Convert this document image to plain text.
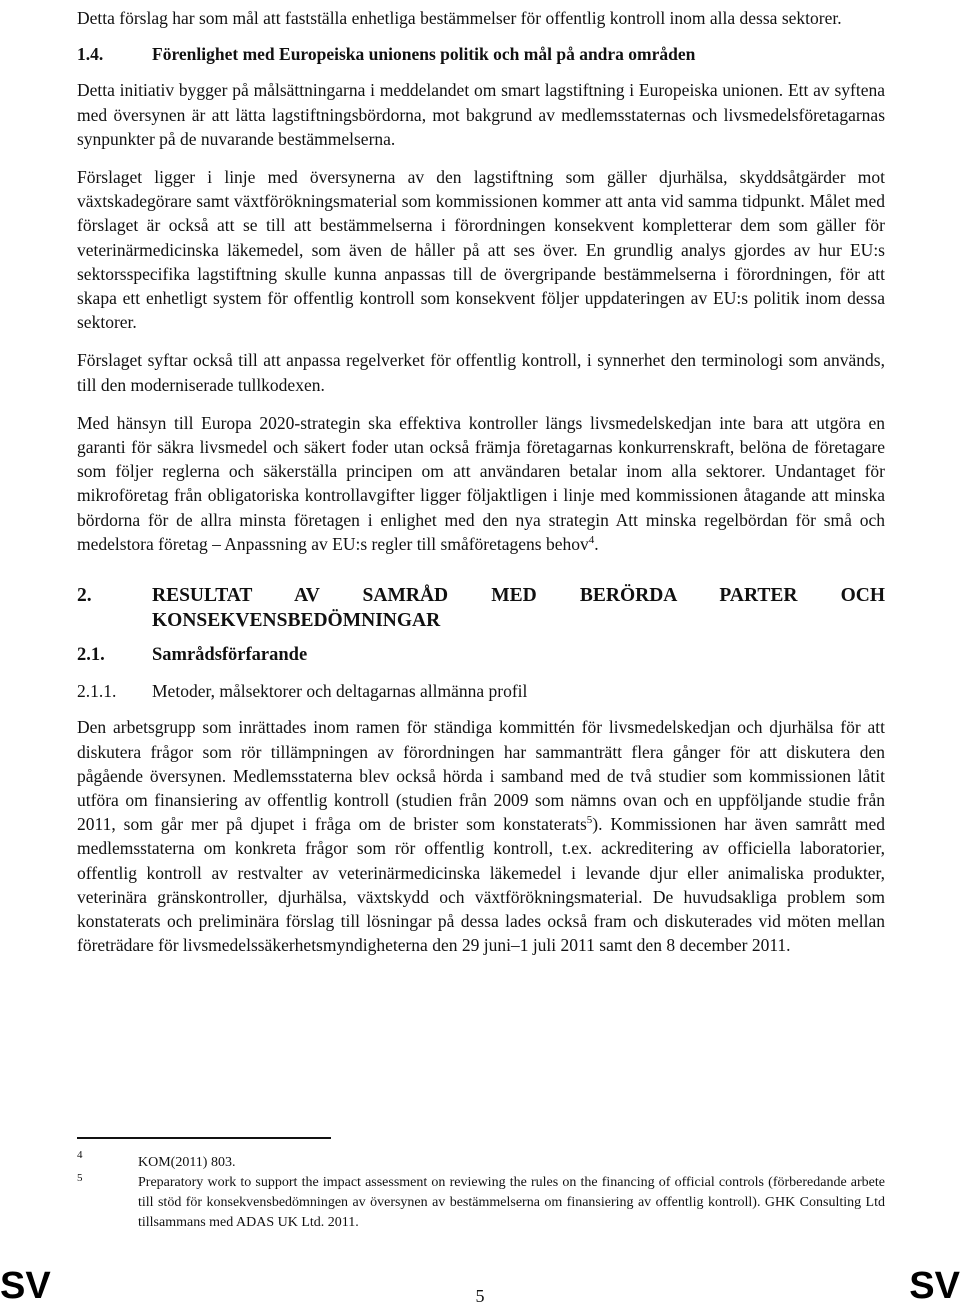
Detta förslag har som mål att fastställa enhetliga bestämmelser för offentlig kontroll inom alla dessa sektorer.

1.4.	Förenlighet med Europeiska unionens politik och mål på andra områden

Detta initiativ bygger på målsättningarna i meddelandet om smart lagstiftning i Europeiska unionen. Ett av syftena med översynen är att lätta lagstiftningsbördorna, mot bakgrund av medlemsstaternas och livsmedelsföretagarnas synpunkter på de nuvarande bestämmelserna.

Förslaget ligger i linje med översynerna av den lagstiftning som gäller djurhälsa, skyddsåtgärder mot växtskadegörare samt växtförökningsmaterial som kommissionen kommer att anta vid samma tidpunkt. Målet med förslaget är också att se till att bestämmelserna i förordningen konsekvent kompletterar dem som gäller för veterinärmedicinska läkemedel, som även de håller på att ses över. En grundlig analys gjordes av hur EU:s sektorsspecifika lagstiftning skulle kunna anpassas till de övergripande bestämmelserna i förordningen, för att skapa ett enhetligt system för offentlig kontroll som konsekvent följer uppdateringen av EU:s politik inom dessa sektorer.

Förslaget syftar också till att anpassa regelverket för offentlig kontroll, i synnerhet den terminologi som används, till den moderniserade tullkodexen.

Med hänsyn till Europa 2020-strategin ska effektiva kontroller längs livsmedelskedjan inte bara att utgöra en garanti för säkra livsmedel och säkert foder utan också främja företagarnas konkurrenskraft, belöna de företagare som följer reglerna och säkerställa principen om att användaren betalar inom alla sektorer. Undantaget för mikroföretag från obligatoriska kontrollavgifter ligger följaktligen i linje med kommissionen åtagande att minska bördorna för de allra minsta företagen i enlighet med den nya strategin Att minska regelbördan för små och medelstora företag – Anpassning av EU:s regler till småföretagens behov$^4$.

2.	RESULTAT AV SAMRÅD MED BERÖRDA PARTER OCH
KONSEKVENSBEDÖMNINGAR
2.1.	Samrådsförfarande
2.1.1.	Metoder, målsektorer och deltagarnas allmänna profil

Den arbetsgrupp som inrättades inom ramen för ständiga kommittén för livsmedelskedjan och djurhälsa för att diskutera frågor som rör tillämpningen av förordningen har sammanträtt flera gånger för att diskutera den pågående översynen. Medlemsstaterna blev också hörda i samband med de två studier som kommissionen låtit utföra om finansiering av offentlig kontroll (studien från 2009 som nämns ovan och en uppföljande studie från 2011, som går mer på djupet i fråga om de brister som konstaterats$^5$). Kommissionen har även samrått med medlemsstaterna om konkreta frågor som rör offentlig kontroll, t.ex. ackreditering av officiella laboratorier, offentlig kontroll av restvalter av veterinärmedicinska läkemedel i levande djur eller animaliska produkter, veterinära gränskontroller, djurhälsa, växtskydd och växtförökningsmaterial. De huvudsakliga problem som konstaterats och preliminära förslag till lösningar på dessa lades också fram och diskuterades vid möten mellan företrädare för livsmedelssäkerhetsmyndigheterna den 29 juni–1 juli 2011 samt den 8 december 2011.

4	KOM(2011) 803.
5	Preparatory work to support the impact assessment on reviewing the rules on the financing of official controls (förberedande arbete till stöd för konsekvensbedömningen av översynen av bestämmelserna om finansiering av offentlig kontroll). GHK Consulting Ltd tillsammans med ADAS UK Ltd. 2011.
SV	5	SV
